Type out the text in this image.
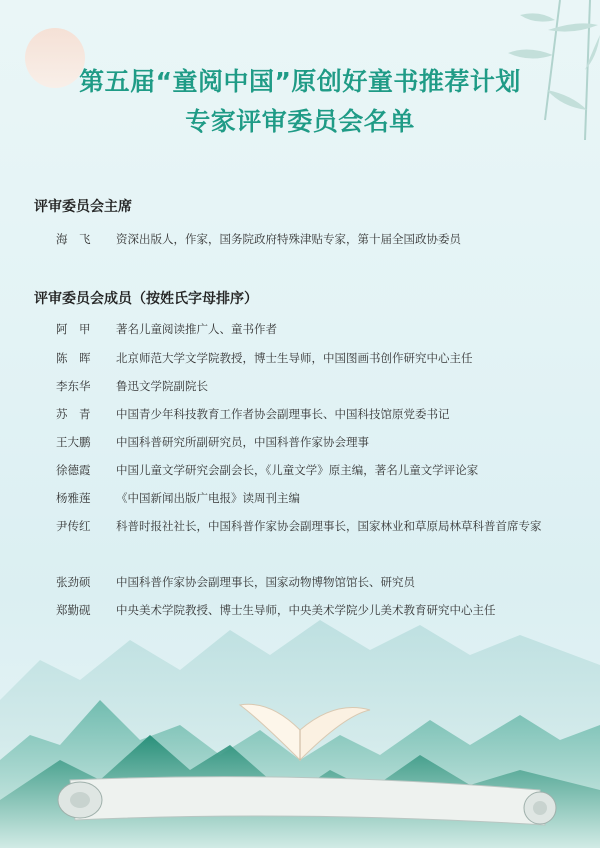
第五届“童阅中国”原创好童书推荐计划
专家评审委员会名单
评审委员会主席
海　飞	资深出版人，作家，国务院政府特殊津贴专家，第十届全国政协委员
评审委员会成员（按姓氏字母排序）
阿　甲	著名儿童阅读推广人、童书作者
陈　晖	北京师范大学文学院教授，博士生导师，中国图画书创作研究中心主任
李东华	鲁迅文学院副院长
苏　青	中国青少年科技教育工作者协会副理事长、中国科技馆原党委书记
王大鹏	中国科普研究所副研究员，中国科普作家协会理事
徐德霞	中国儿童文学研究会副会长，《儿童文学》原主编，著名儿童文学评论家
杨雅莲	《中国新闻出版广电报》读周刊主编
尹传红	科普时报社社长，中国科普作家协会副理事长，国家林业和草原局林草科普首席专家
张劲硕	中国科普作家协会副理事长，国家动物博物馆馆长、研究员
郑勤砚	中央美术学院教授、博士生导师，中央美术学院少儿美术教育研究中心主任
